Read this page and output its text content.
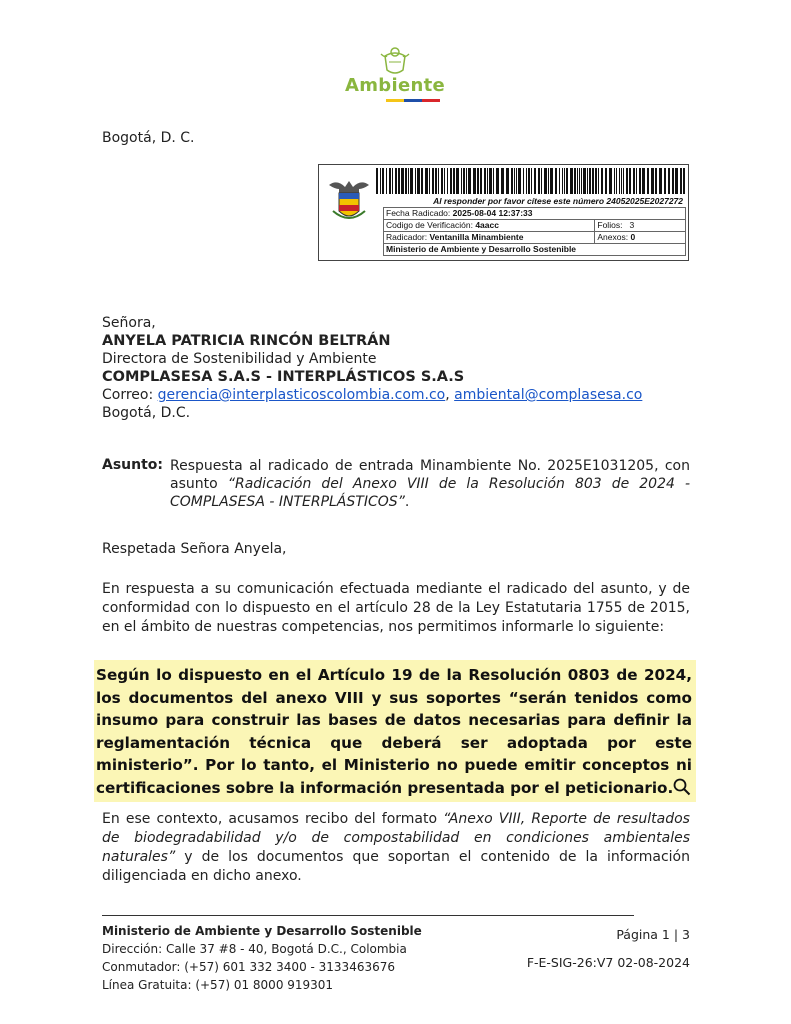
Ambiente
Bogotá, D. C.
Al responder por favor cítese este número 24052025E2027272
Fecha Radicado: 2025-08-04 12:37:33	
Codigo de Verificación: 4aacc	Folios: 3
Radicador: Ventanilla Minambiente	Anexos: 0
Ministerio de Ambiente y Desarrollo Sostenible	
Señora,
ANYELA PATRICIA RINCÓN BELTRÁN
Directora de Sostenibilidad y Ambiente
COMPLASESA S.A.S - INTERPLÁSTICOS S.A.S
Correo: gerencia@interplasticoscolombia.com.co, ambiental@complasesa.co
Bogotá, D.C.
Asunto: Respuesta al radicado de entrada Minambiente No. 2025E1031205, con asunto “Radicación del Anexo VIII de la Resolución 803 de 2024 - COMPLASESA - INTERPLÁSTICOS”.
Respetada Señora Anyela,
En respuesta a su comunicación efectuada mediante el radicado del asunto, y de conformidad con lo dispuesto en el artículo 28 de la Ley Estatutaria 1755 de 2015, en el ámbito de nuestras competencias, nos permitimos informarle lo siguiente:
Según lo dispuesto en el Artículo 19 de la Resolución 0803 de 2024, los documentos del anexo VIII y sus soportes “serán tenidos como insumo para construir las bases de datos necesarias para definir la reglamentación técnica que deberá ser adoptada por este ministerio”. Por lo tanto, el Ministerio no puede emitir conceptos ni certificaciones sobre la información presentada por el peticionario.
En ese contexto, acusamos recibo del formato “Anexo VIII, Reporte de resultados de biodegradabilidad y/o de compostabilidad en condiciones ambientales naturales” y de los documentos que soportan el contenido de la información diligenciada en dicho anexo.
Ministerio de Ambiente y Desarrollo Sostenible
Dirección: Calle 37 #8 - 40, Bogotá D.C., Colombia
Conmutador: (+57) 601 332 3400 - 3133463676
Línea Gratuita: (+57) 01 8000 919301
Página 1 | 3
F-E-SIG-26:V7 02-08-2024
